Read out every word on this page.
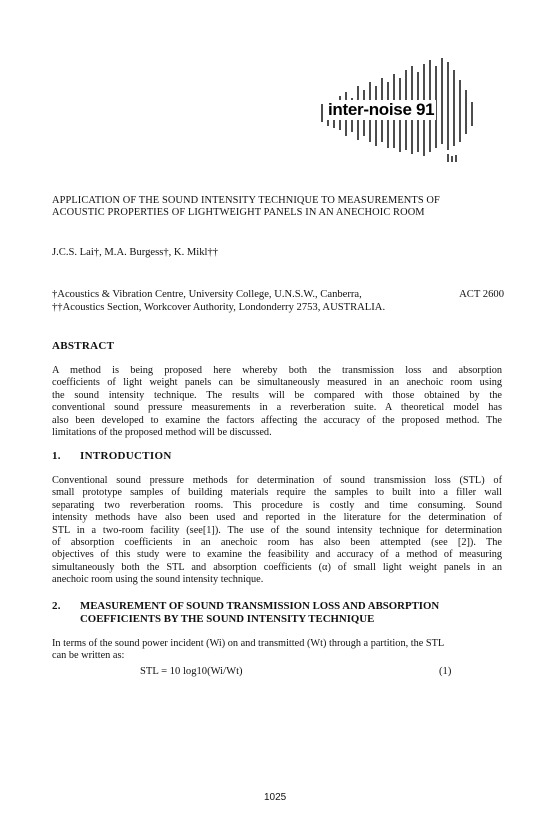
inter-noise 91

APPLICATION OF THE SOUND INTENSITY TECHNIQUE TO MEASUREMENTS OF
ACOUSTIC PROPERTIES OF LIGHTWEIGHT PANELS IN AN ANECHOIC ROOM

J.C.S. Lai†, M.A. Burgess†, K. Mikl††

†Acoustics & Vibration Centre, University College, U.N.S.W., Canberra,	ACT 2600
††Acoustics Section, Workcover Authority, Londonderry 2753, AUSTRALIA.
ABSTRACT
A method is being proposed here whereby both the transmission loss and absorption
coefficients of light weight panels can be simultaneously measured in an anechoic room using
the sound intensity technique. The results will be compared with those obtained by the
conventional sound pressure measurements in a reverberation suite. A theoretical model has
also been developed to examine the factors affecting the accuracy of the proposed method. The
limitations of the proposed method will be discussed.
1. INTRODUCTION
Conventional sound pressure methods for determination of sound transmission loss (STL) of
small prototype samples of building materials require the samples to built into a filler wall
separating two reverberation rooms. This procedure is costly and time consuming. Sound
intensity methods have also been used and reported in the literature for the determination of
STL in a two-room facility (see[1]). The use of the sound intensity technique for determination
of absorption coefficients in an anechoic room has also been attempted (see [2]). The
objectives of this study were to examine the feasibility and accuracy of a method of measuring
simultaneously both the STL and absorption coefficients (α) of small light weight panels in an
anechoic room using the sound intensity technique.
2. MEASUREMENT OF SOUND TRANSMISSION LOSS AND ABSORPTION
COEFFICIENTS BY THE SOUND INTENSITY TECHNIQUE
In terms of the sound power incident (Wi) on and transmitted (Wt) through a partition, the STL
can be written as:
STL = 10 log10(Wi/Wt)	(1)
1025
